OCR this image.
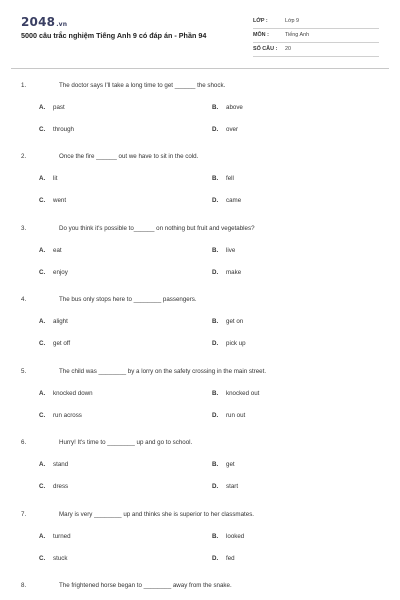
2048.vn
5000 câu trắc nghiệm Tiếng Anh 9 có đáp án - Phần 94
LỚP :	Lớp 9
MÔN :	Tiếng Anh
SỐ CÂU : 20
1.	The doctor says I'll take a long time to get ______ the shock.
A. past	B. above
C. through	D. over
2.	Once the fire ______ out we have to sit in the cold.
A. lit	B. fell
C. went	D. came
3.	Do you think it's possible to______ on nothing but fruit and vegetables?
A. eat	B. live
C. enjoy	D. make
4.	The bus only stops here to ________ passengers.
A. alight	B. get on
C. get off	D. pick up
5.	The child was ________ by a lorry on the safety crossing in the main street.
A. knocked down	B. knocked out
C. run across	D. run out
6.	Hurry! It's time to ________ up and go to school.
A. stand	B. get
C. dress	D. start
7.	Mary is very ________ up and thinks she is superior to her classmates.
A. turned	B. looked
C. stuck	D. fed
8.	The frightened horse began to ________ away from the snake.
